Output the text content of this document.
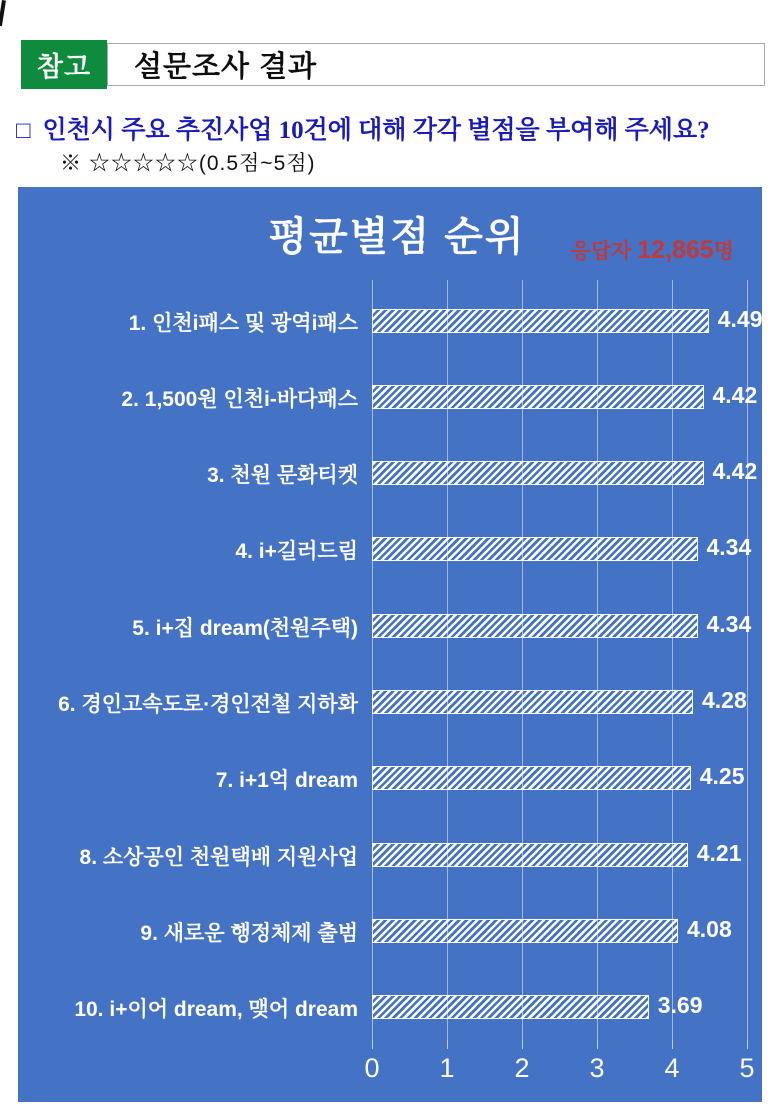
참고	설문조사 결과
□ 인천시 주요 추진사업 10건에 대해 각각 별점을 부여해 주세요?
※ ☆☆☆☆☆(0.5점~5점)
평균별점 순위	응답자 12,865명
0	1	2	3	4	5
1. 인천i패스 및 광역i패스	4.49
2. 1,500원 인천i-바다패스	4.42
3. 천원 문화티켓	4.42
4. i+길러드림	4.34
5. i+집 dream(천원주택)	4.34
6. 경인고속도로·경인전철 지하화	4.28
7. i+1억 dream	4.25
8. 소상공인 천원택배 지원사업	4.21
9. 새로운 행정체제 출범	4.08
10. i+이어 dream, 맺어 dream	3.69
